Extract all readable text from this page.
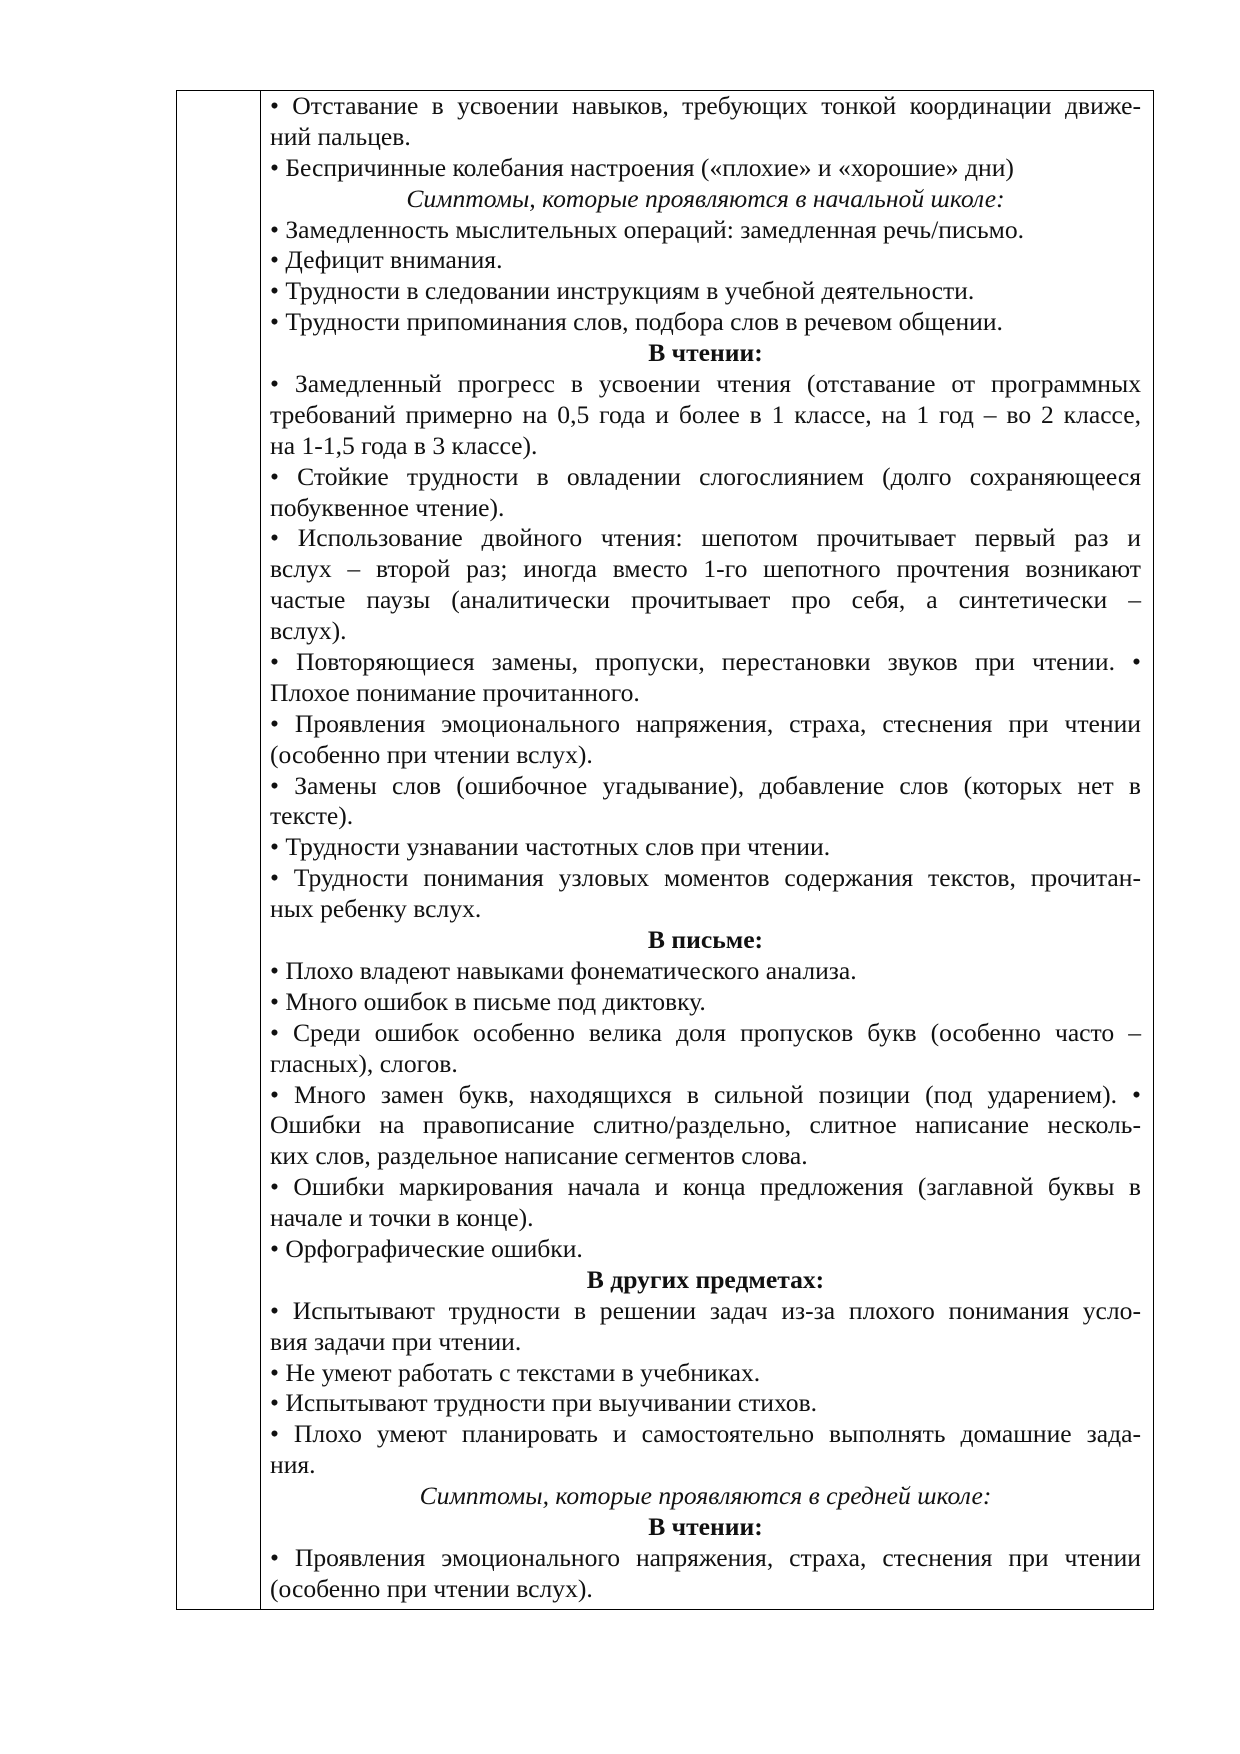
• Отставание в усвоении навыков, требующих тонкой координации движе-

ний пальцев.

• Беспричинные колебания настроения («плохие» и «хорошие» дни)

Симптомы, которые проявляются в начальной школе:

• Замедленность мыслительных операций: замедленная речь/письмо.

• Дефицит внимания.

• Трудности в следовании инструкциям в учебной деятельности.

• Трудности припоминания слов, подбора слов в речевом общении.

В чтении:

• Замедленный прогресс в усвоении чтения (отставание от программных

требований примерно на 0,5 года и более в 1 классе, на 1 год – во 2 классе,

на 1-1,5 года в 3 классе).

• Стойкие трудности в овладении слогослиянием (долго сохраняющееся

побуквенное чтение).

• Использование двойного чтения: шепотом прочитывает первый раз и

вслух – второй раз; иногда вместо 1-го шепотного прочтения возникают

частые паузы (аналитически прочитывает про себя, а синтетически –

вслух).

• Повторяющиеся замены, пропуски, перестановки звуков при чтении. •

Плохое понимание прочитанного.

• Проявления эмоционального напряжения, страха, стеснения при чтении

(особенно при чтении вслух).

• Замены слов (ошибочное угадывание), добавление слов (которых нет в

тексте).

• Трудности узнавании частотных слов при чтении.

• Трудности понимания узловых моментов содержания текстов, прочитан-

ных ребенку вслух.

В письме:

• Плохо владеют навыками фонематического анализа.

• Много ошибок в письме под диктовку.

• Среди ошибок особенно велика доля пропусков букв (особенно часто –

гласных), слогов.

• Много замен букв, находящихся в сильной позиции (под ударением). •

Ошибки на правописание слитно/раздельно, слитное написание несколь-

ких слов, раздельное написание сегментов слова.

• Ошибки маркирования начала и конца предложения (заглавной буквы в

начале и точки в конце).

• Орфографические ошибки.

В других предметах:

• Испытывают трудности в решении задач из-за плохого понимания усло-

вия задачи при чтении.

• Не умеют работать с текстами в учебниках.

• Испытывают трудности при выучивании стихов.

• Плохо умеют планировать и самостоятельно выполнять домашние зада-

ния.

Симптомы, которые проявляются в средней школе:

В чтении:

• Проявления эмоционального напряжения, страха, стеснения при чтении

(особенно при чтении вслух).
